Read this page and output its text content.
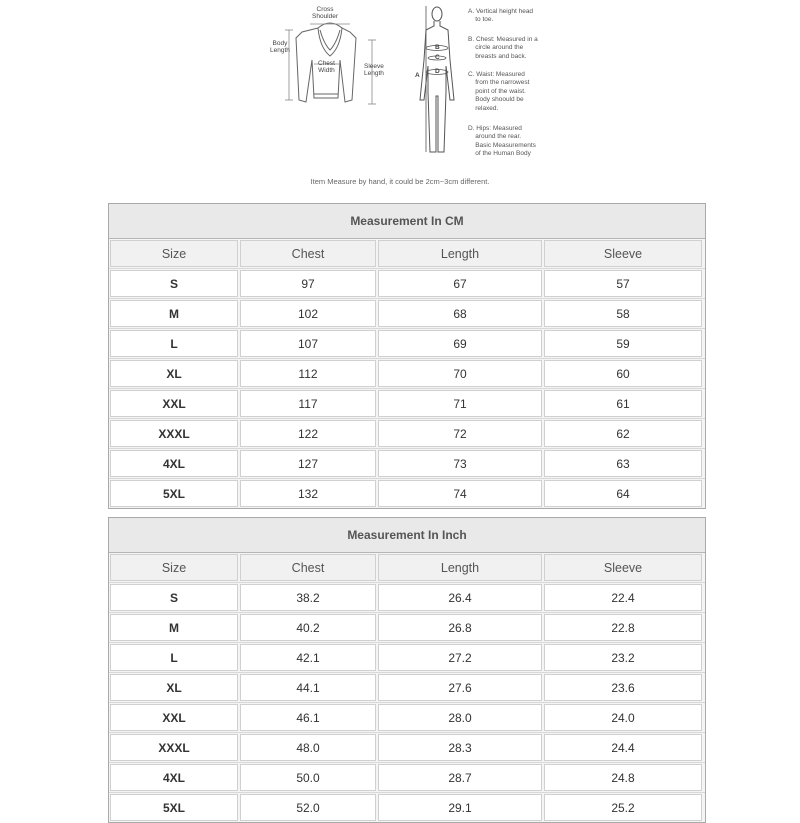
Cross
Shoulder
Body
Length
Chest
Width
Sleeve
Length	A
B
C
D
A. Vertical height head
to toe.
B. Chest: Measured in a
circle around the
breasts and back.
C. Waist: Measured
from the narrowest
point of the waist.
Body shoould be
relaxed.
D. Hips: Measured
around the rear.
Basic Measurements
of the Human Body
Item Measure by hand, it could be 2cm~3cm different.
Measurement In CM
Size	Chest	Length	Sleeve
S	97	67	57
M	102	68	58
L	107	69	59
XL	112	70	60
XXL	117	71	61
XXXL	122	72	62
4XL	127	73	63
5XL	132	74	64
Measurement In Inch
Size	Chest	Length	Sleeve
S	38.2	26.4	22.4
M	40.2	26.8	22.8
L	42.1	27.2	23.2
XL	44.1	27.6	23.6
XXL	46.1	28.0	24.0
XXXL	48.0	28.3	24.4
4XL	50.0	28.7	24.8
5XL	52.0	29.1	25.2
